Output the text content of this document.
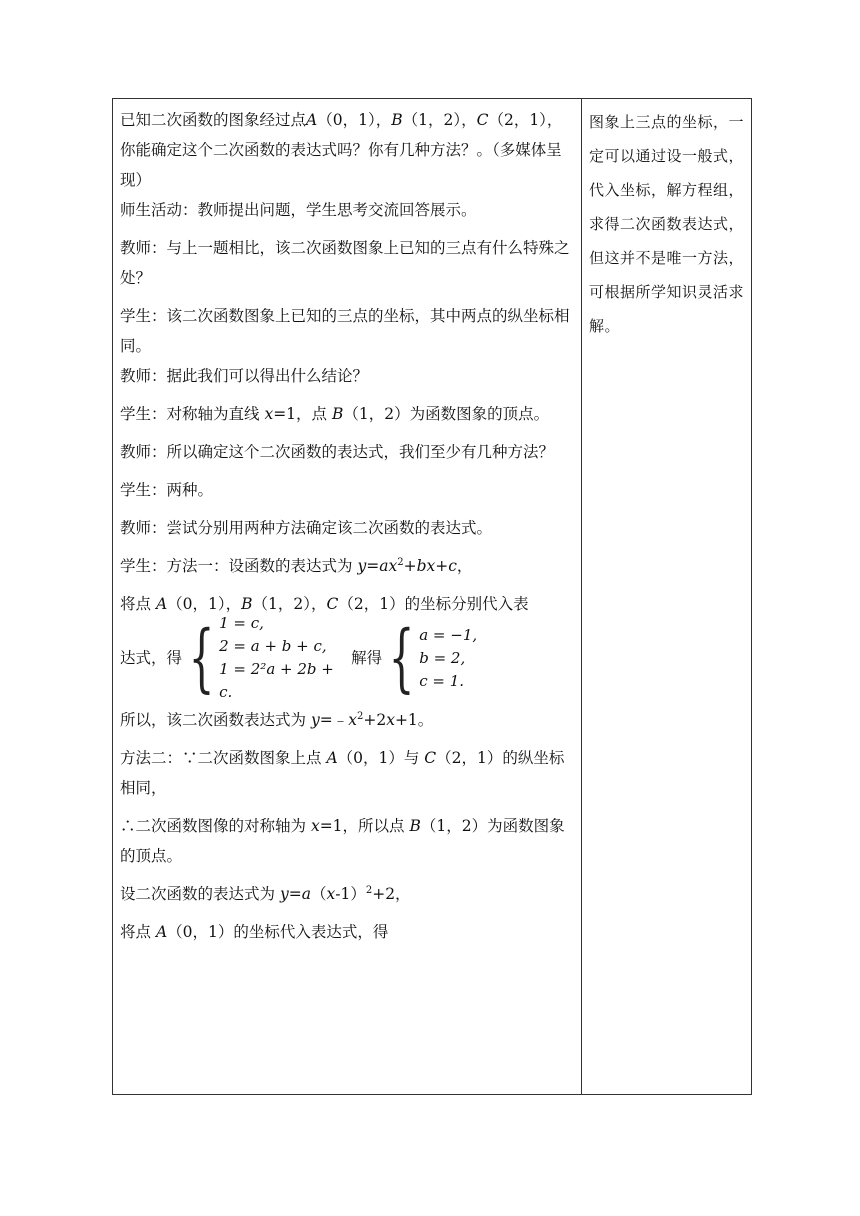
已知二次函数的图象经过点A（0，1），B（1，2），C（2，1），你能确定这个二次函数的表达式吗？你有几种方法？。（多媒体呈现）

师生活动：教师提出问题，学生思考交流回答展示。

教师：与上一题相比，该二次函数图象上已知的三点有什么特殊之处？

学生：该二次函数图象上已知的三点的坐标，其中两点的纵坐标相同。

教师：据此我们可以得出什么结论？

学生：对称轴为直线 x=1，点 B（1，2）为函数图象的顶点。

教师：所以确定这个二次函数的表达式，我们至少有几种方法？

学生：两种。

教师：尝试分别用两种方法确定该二次函数的表达式。

学生：方法一：设函数的表达式为 $y=ax^2+bx+c$，

将点 A（0，1），B（1，2），C（2，1）的坐标分别代入表

达式，得 { 1 = c,
2 = a + b + c,
1 = 2²a + 2b + c.
解得 { a = −1,
b = 2,
c = 1.

所以，该二次函数表达式为 $y=﹣x^2+2x+1$。

方法二：∵二次函数图象上点 A（0，1）与 C（2，1）的纵坐标相同，

∴二次函数图像的对称轴为 x=1，所以点 B（1，2）为函数图象的顶点。

设二次函数的表达式为 $y=a(x-1)^2+2$，

将点 A（0，1）的坐标代入表达式，得

图象上三点的坐标，一定可以通过设一般式，代入坐标，解方程组，求得二次函数表达式，但这并不是唯一方法，可根据所学知识灵活求解。
